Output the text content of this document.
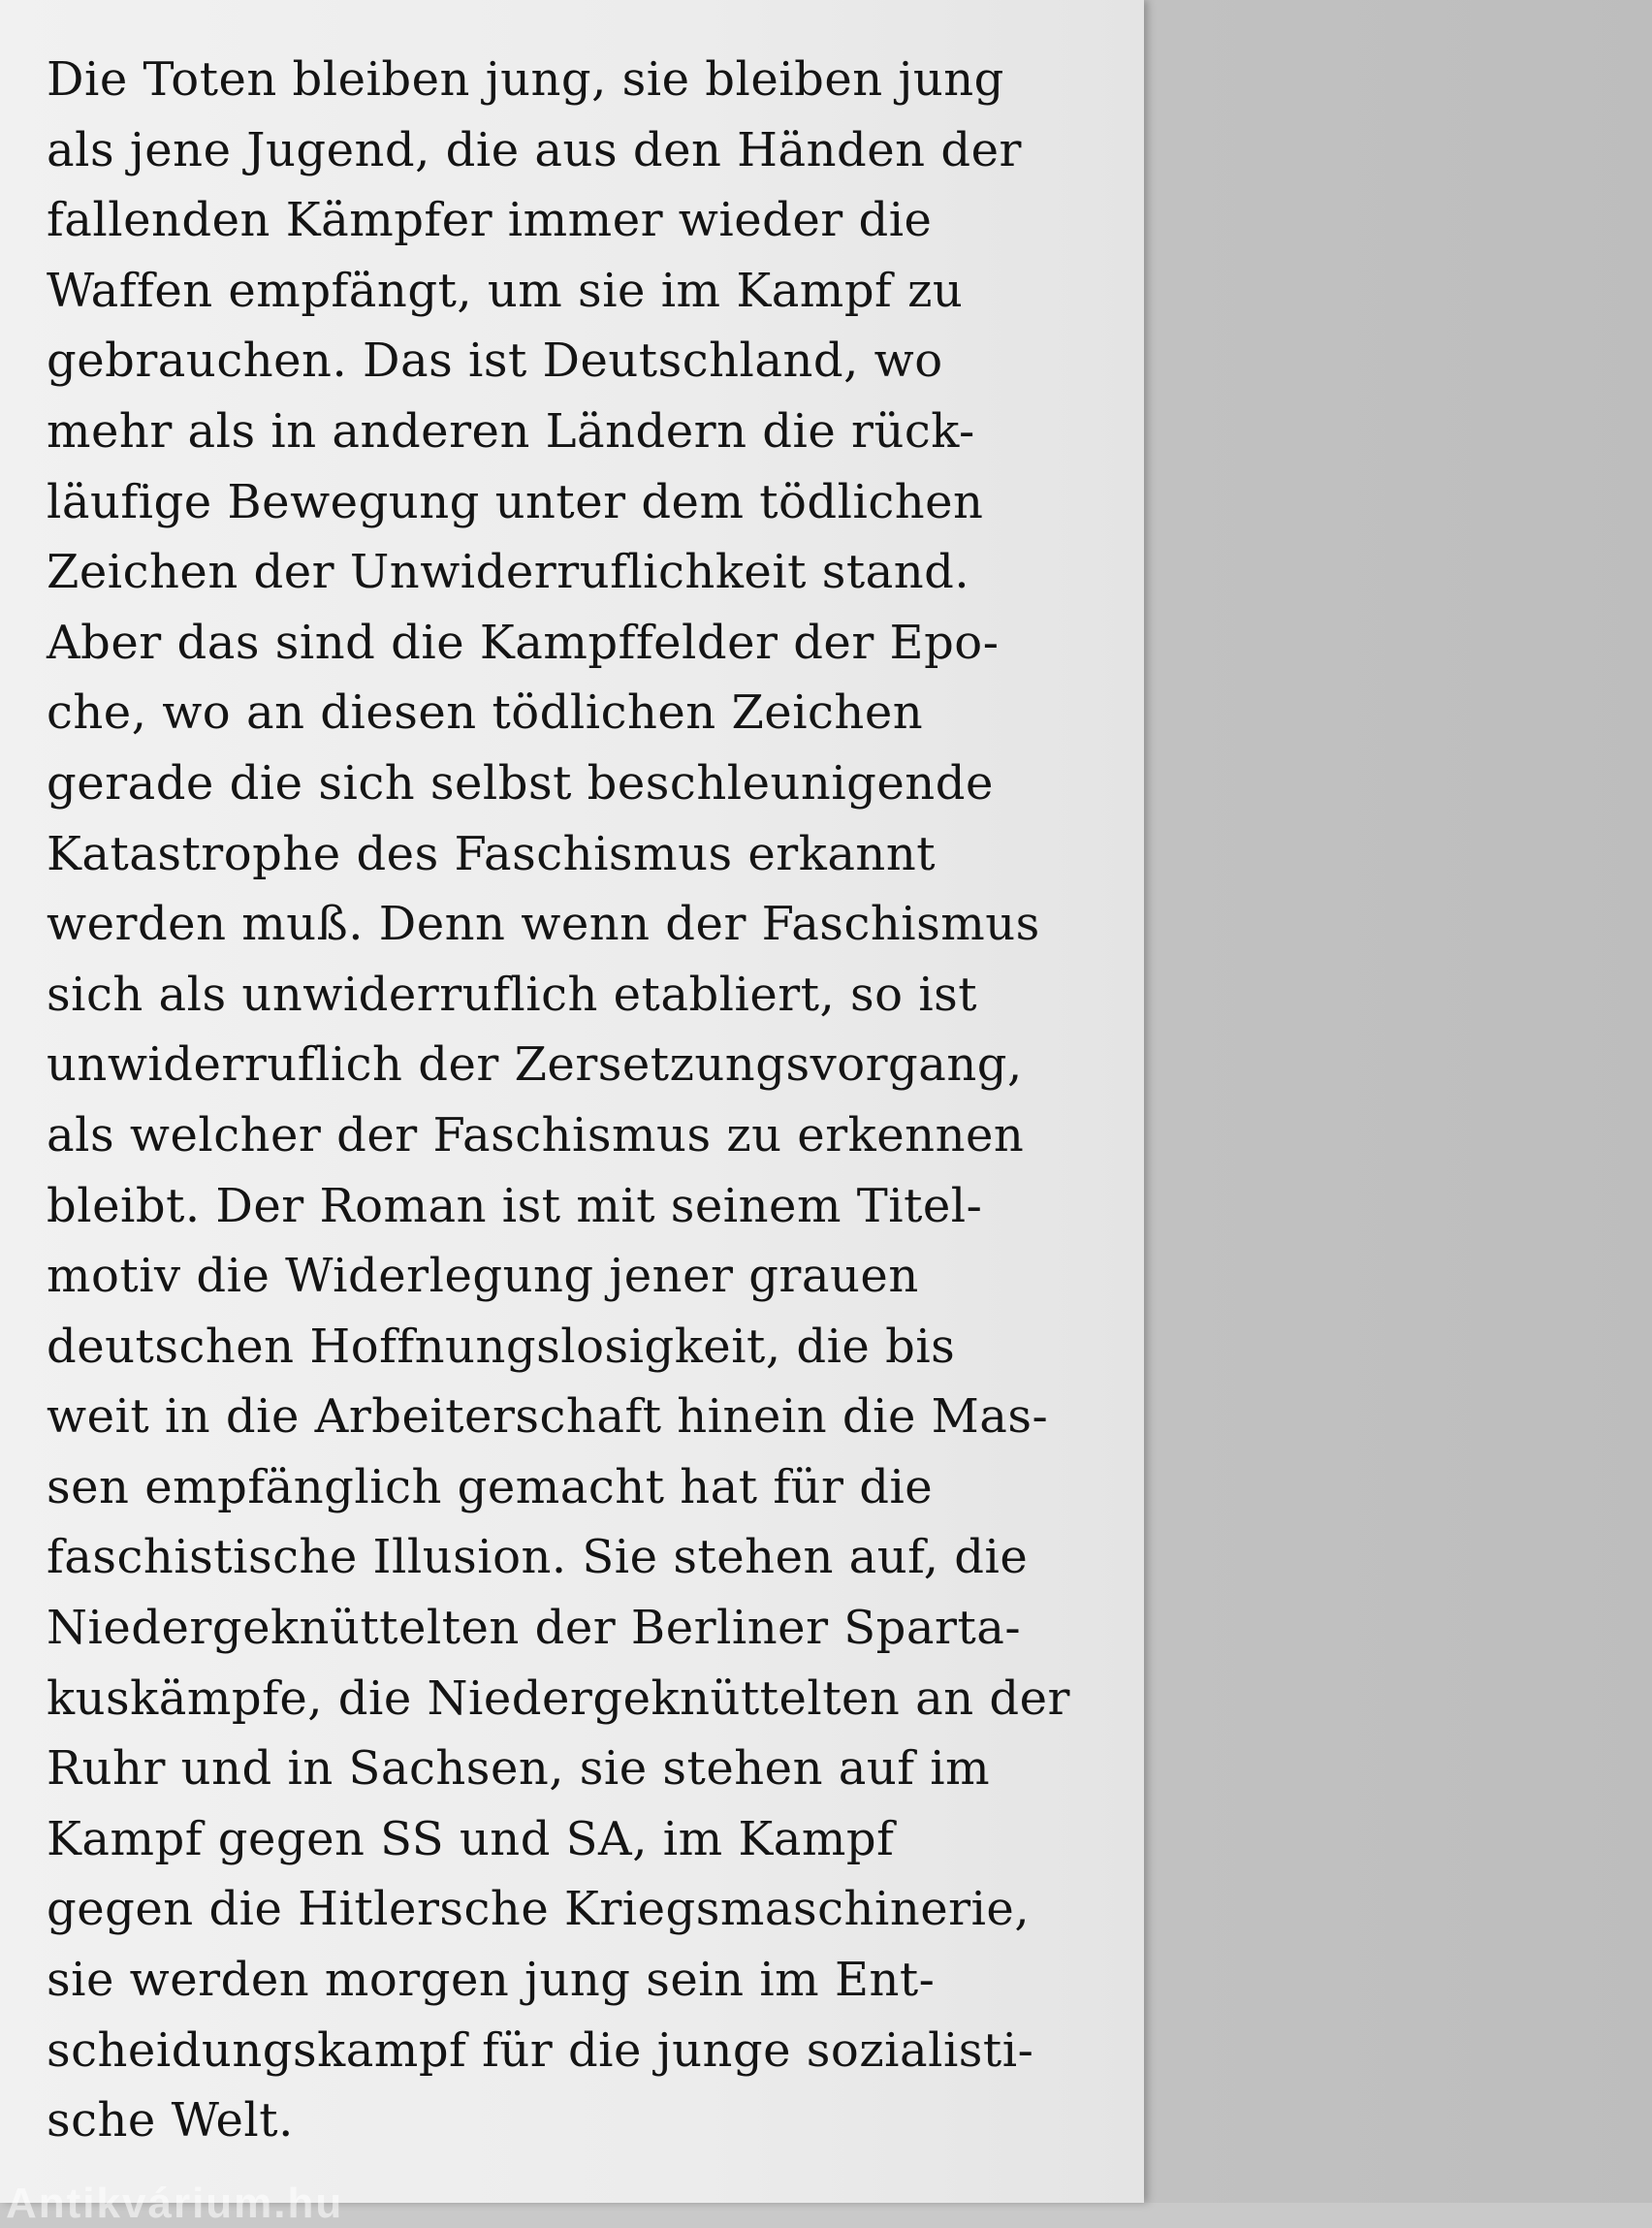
Die Toten bleiben jung, sie bleiben jung
als jene Jugend, die aus den Händen der
fallenden Kämpfer immer wieder die
Waffen empfängt, um sie im Kampf zu
gebrauchen. Das ist Deutschland, wo
mehr als in anderen Ländern die rück-
läufige Bewegung unter dem tödlichen
Zeichen der Unwiderruflichkeit stand.
Aber das sind die Kampffelder der Epo-
che, wo an diesen tödlichen Zeichen
gerade die sich selbst beschleunigende
Katastrophe des Faschismus erkannt
werden muß. Denn wenn der Faschismus
sich als unwiderruflich etabliert, so ist
unwiderruflich der Zersetzungsvorgang,
als welcher der Faschismus zu erkennen
bleibt. Der Roman ist mit seinem Titel-
motiv die Widerlegung jener grauen
deutschen Hoffnungslosigkeit, die bis
weit in die Arbeiterschaft hinein die Mas-
sen empfänglich gemacht hat für die
faschistische Illusion. Sie stehen auf, die
Niedergeknüttelten der Berliner Sparta-
kuskämpfe, die Niedergeknüttelten an der
Ruhr und in Sachsen, sie stehen auf im
Kampf gegen SS und SA, im Kampf
gegen die Hitlersche Kriegsmaschinerie,
sie werden morgen jung sein im Ent-
scheidungskampf für die junge sozialisti-
sche Welt.

Antikvárium.hu
